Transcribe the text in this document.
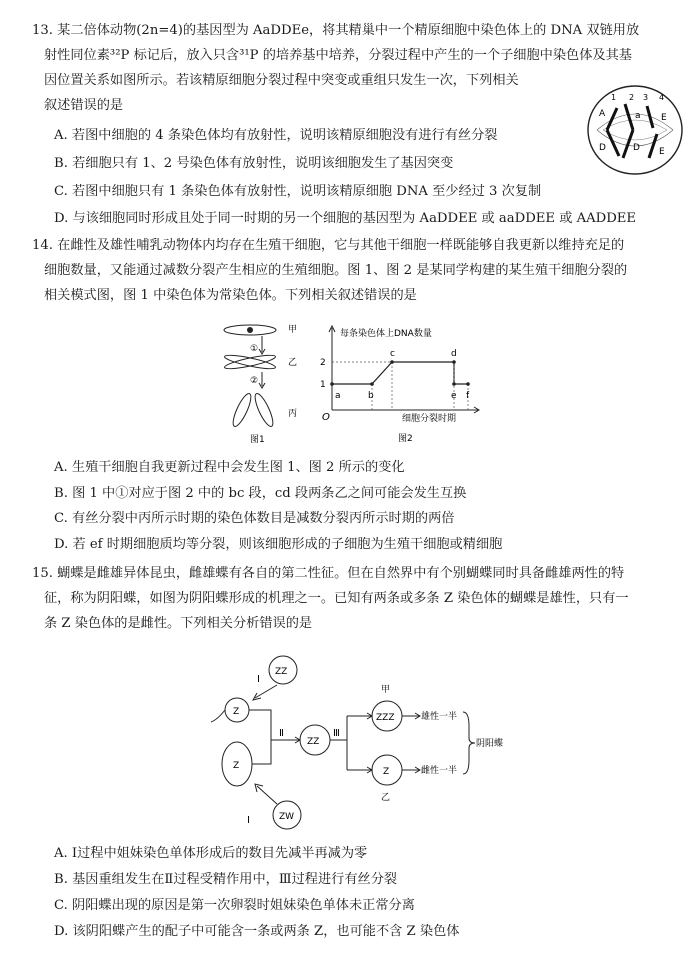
13. 某二倍体动物(2n=4)的基因型为 AaDDEe，将其精巢中一个精原细胞中染色体上的 DNA 双链用放
射性同位素³²P 标记后，放入只含³¹P 的培养基中培养，分裂过程中产生的一个子细胞中染色体及其基
因位置关系如图所示。若该精原细胞分裂过程中突变或重组只发生一次，下列相关
叙述错误的是
A. 若图中细胞的 4 条染色体均有放射性，说明该精原细胞没有进行有丝分裂
B. 若细胞只有 1、2 号染色体有放射性，说明该细胞发生了基因突变
C. 若图中细胞只有 1 条染色体有放射性，说明该精原细胞 DNA 至少经过 3 次复制
D. 与该细胞同时形成且处于同一时期的另一个细胞的基因型为 AaDDEE 或 aaDDEE 或 AADDEE
1 2 3 4
A	a
D	D
E
E
14. 在雌性及雄性哺乳动物体内均存在生殖干细胞，它与其他干细胞一样既能够自我更新以维持充足的
细胞数量，又能通过减数分裂产生相应的生殖细胞。图 1、图 2 是某同学构建的某生殖干细胞分裂的
相关模式图，图 1 中染色体为常染色体。下列相关叙述错误的是
①
②
甲
乙
丙
图1
每条染色体上DNA数量
2
1
O
a	b
c	d
e f
细胞分裂时期
图2
A. 生殖干细胞自我更新过程中会发生图 1、图 2 所示的变化
B. 图 1 中①对应于图 2 中的 bc 段，cd 段两条乙之间可能会发生互换
C. 有丝分裂中丙所示时期的染色体数目是减数分裂丙所示时期的两倍
D. 若 ef 时期细胞质均等分裂，则该细胞形成的子细胞为生殖干细胞或精细胞
15. 蝴蝶是雌雄异体昆虫，雌雄蝶有各自的第二性征。但在自然界中有个别蝴蝶同时具备雌雄两性的特
征，称为阴阳蝶，如图为阴阳蝶形成的机理之一。已知有两条或多条 Z 染色体的蝴蝶是雄性，只有一
条 Z 染色体的是雌性。下列相关分析错误的是
ZZ
Ⅰ
Z
Z
ZW
Ⅰ
Ⅱ
ZZ
Ⅲ
ZZZ
甲
雄性一半
Z
乙
雌性一半
阴阳蝶
A. Ⅰ过程中姐妹染色单体形成后的数目先减半再减为零
B. 基因重组发生在Ⅱ过程受精作用中，Ⅲ过程进行有丝分裂
C. 阴阳蝶出现的原因是第一次卵裂时姐妹染色单体未正常分离
D. 该阴阳蝶产生的配子中可能含一条或两条 Z，也可能不含 Z 染色体
